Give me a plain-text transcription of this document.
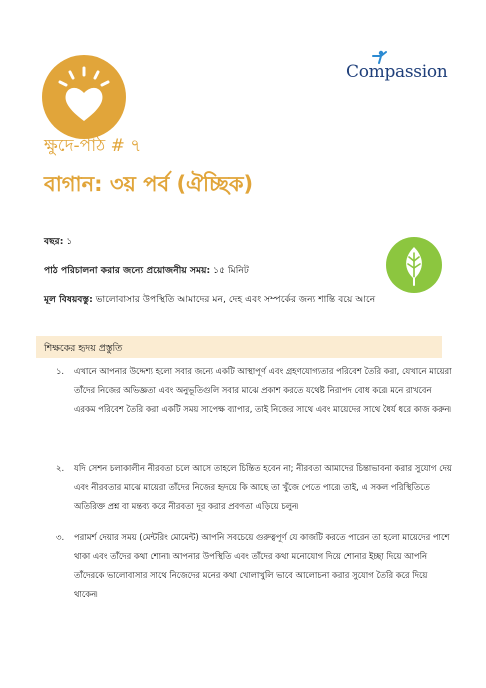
Compassion
ক্ষুদে-পাঠ # ৭
বাগান: ৩য় পর্ব (ঐচ্ছিক)
বছর: ১
পাঠ পরিচালনা করার জন্যে প্রয়োজনীয় সময়: ১৫ মিনিট
মূল বিষয়বস্তু: ভালোবাসার উপস্থিতি আমাদের মন, দেহ এবং সম্পর্কের জন্য শান্তি বয়ে আনে
শিক্ষকের হৃদয় প্রস্তুতি
১. এখানে আপনার উদ্দেশ্য হলো সবার জন্যে একটি আস্থাপূর্ণ এবং গ্রহণযোগ্যতার পরিবেশ তৈরি করা, যেখানে মায়েরা তাঁদের নিজের অভিজ্ঞতা এবং অনুভূতিগুলি সবার মাঝে প্রকাশ করতে যথেষ্ট নিরাপদ বোধ করে৷ মনে রাখবেন এরকম পরিবেশ তৈরি করা একটি সময় সাপেক্ষ ব্যাপার, তাই নিজের সাথে এবং মায়েদের সাথে ধৈর্য ধরে কাজ করুন৷
২. যদি সেশন চলাকালীন নীরবতা চলে আসে তাহলে চিন্তিত হবেন না; নীরবতা আমাদের চিন্তাভাবনা করার সুযোগ দেয় এবং নীরবতার মাঝে মায়েরা তাঁদের নিজের হৃদয়ে কি আছে তা খুঁজে পেতে পারে৷ তাই, এ সকল পরিস্থিতিতে অতিরিক্ত প্রশ্ন বা মন্তব্য করে নীরবতা দূর করার প্রবণতা এড়িয়ে চলুন৷
৩. পরামর্শ দেয়ার সময় (মেন্টরিং মোমেন্ট) আপনি সবচেয়ে গুরুত্বপূর্ণ যে কাজটি করতে পারেন তা হলো মায়েদের পাশে থাকা এবং তাঁদের কথা শোনা৷ আপনার উপস্থিতি এবং তাঁদের কথা মনোযোগ দিয়ে শোনার ইচ্ছা দিয়ে আপনি তাঁদেরকে ভালোবাসার সাথে নিজেদের মনের কথা খোলাখুলি ভাবে আলোচনা করার সুযোগ তৈরি করে দিয়ে থাকেন৷
